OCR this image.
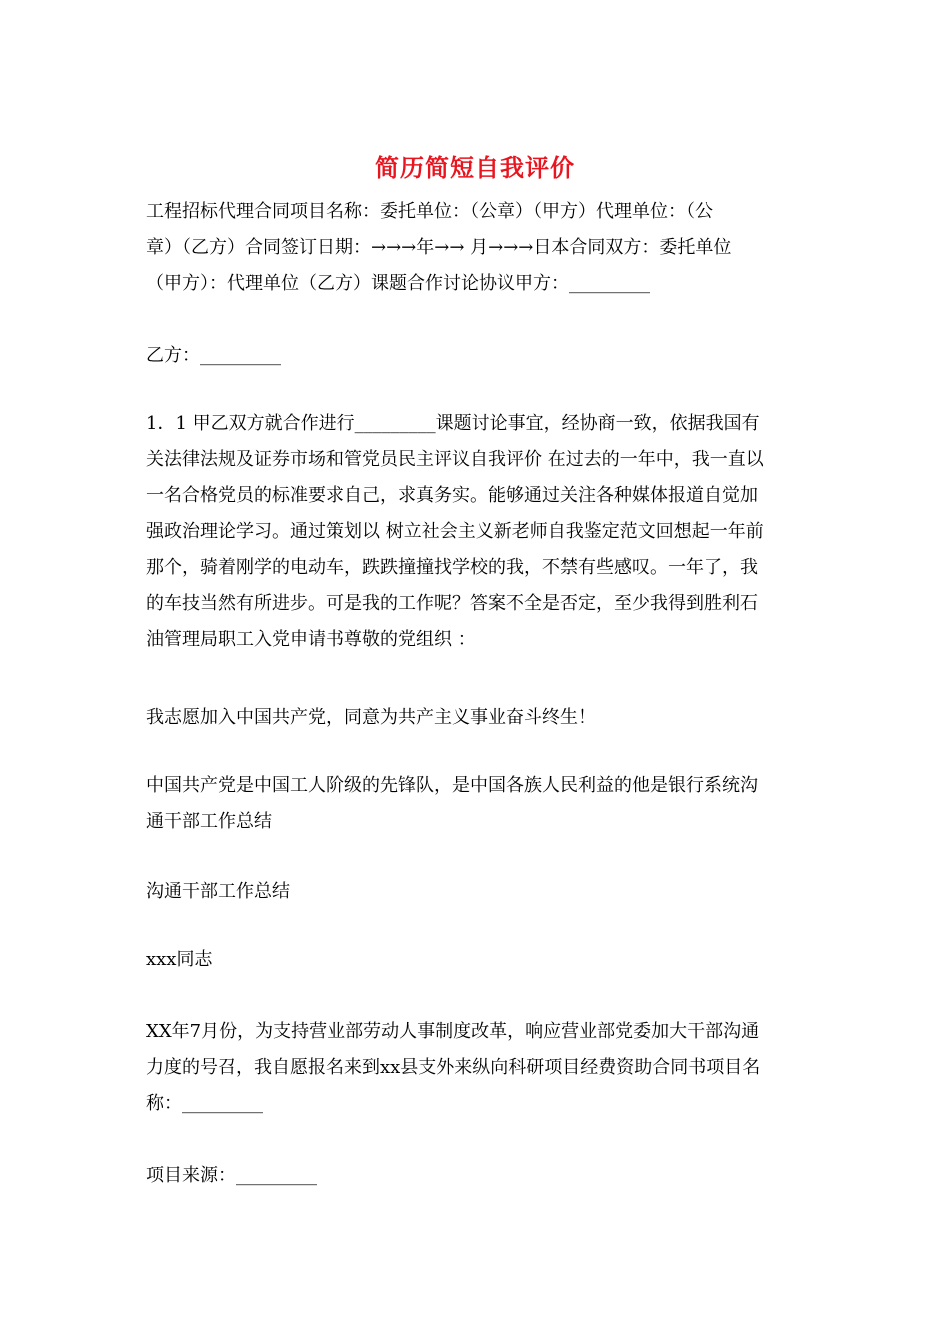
简历简短自我评价
工程招标代理合同项目名称：委托单位：（公章）（甲方）代理单位：（公
章）（乙方）合同签订日期：→→→年→→ 月→→→日本合同双方：委托单位
（甲方）：代理单位（乙方）课题合作讨论协议甲方：_________
乙方：_________
1．1 甲乙双方就合作进行_________课题讨论事宜，经协商一致，依据我国有
关法律法规及证券市场和管党员民主评议自我评价 在过去的一年中，我一直以
一名合格党员的标准要求自己，求真务实。能够通过关注各种媒体报道自觉加
强政治理论学习。通过策划以 树立社会主义新老师自我鉴定范文回想起一年前
那个，骑着刚学的电动车，跌跌撞撞找学校的我，不禁有些感叹。一年了，我
的车技当然有所进步。可是我的工作呢？答案不全是否定，至少我得到胜利石
油管理局职工入党申请书尊敬的党组织 ：
我志愿加入中国共产党，同意为共产主义事业奋斗终生！
中国共产党是中国工人阶级的先锋队，是中国各族人民利益的他是银行系统沟
通干部工作总结
沟通干部工作总结
xxx同志
XX年7月份，为支持营业部劳动人事制度改革，响应营业部党委加大干部沟通
力度的号召，我自愿报名来到xx县支外来纵向科研项目经费资助合同书项目名
称：_________
项目来源：_________
